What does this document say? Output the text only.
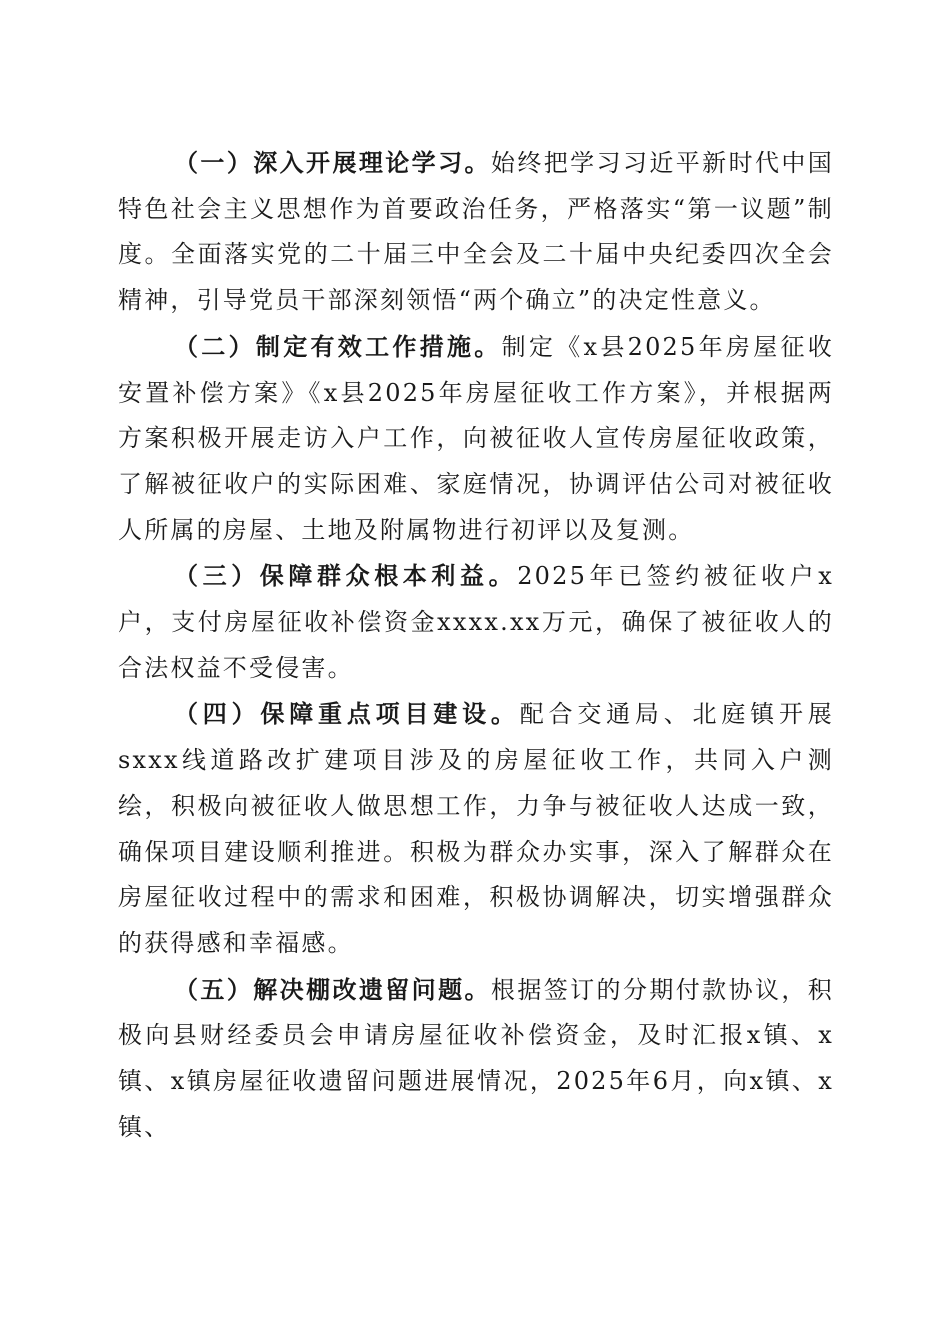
（一）深入开展理论学习。始终把学习习近平新时代中国特色社会主义思想作为首要政治任务，严格落实“第一议题”制度。全面落实党的二十届三中全会及二十届中央纪委四次全会精神，引导党员干部深刻领悟“两个确立”的决定性意义。

（二）制定有效工作措施。制定《x县2025年房屋征收安置补偿方案》《x县2025年房屋征收工作方案》，并根据两方案积极开展走访入户工作，向被征收人宣传房屋征收政策，了解被征收户的实际困难、家庭情况，协调评估公司对被征收人所属的房屋、土地及附属物进行初评以及复测。

（三）保障群众根本利益。2025年已签约被征收户x户，支付房屋征收补偿资金xxxx.xx万元，确保了被征收人的合法权益不受侵害。

（四）保障重点项目建设。配合交通局、北庭镇开展sxxx线道路改扩建项目涉及的房屋征收工作，共同入户测绘，积极向被征收人做思想工作，力争与被征收人达成一致，确保项目建设顺利推进。积极为群众办实事，深入了解群众在房屋征收过程中的需求和困难，积极协调解决，切实增强群众的获得感和幸福感。

（五）解决棚改遗留问题。根据签订的分期付款协议，积极向县财经委员会申请房屋征收补偿资金，及时汇报x镇、x镇、x镇房屋征收遗留问题进展情况，2025年6月，向x镇、x镇、
